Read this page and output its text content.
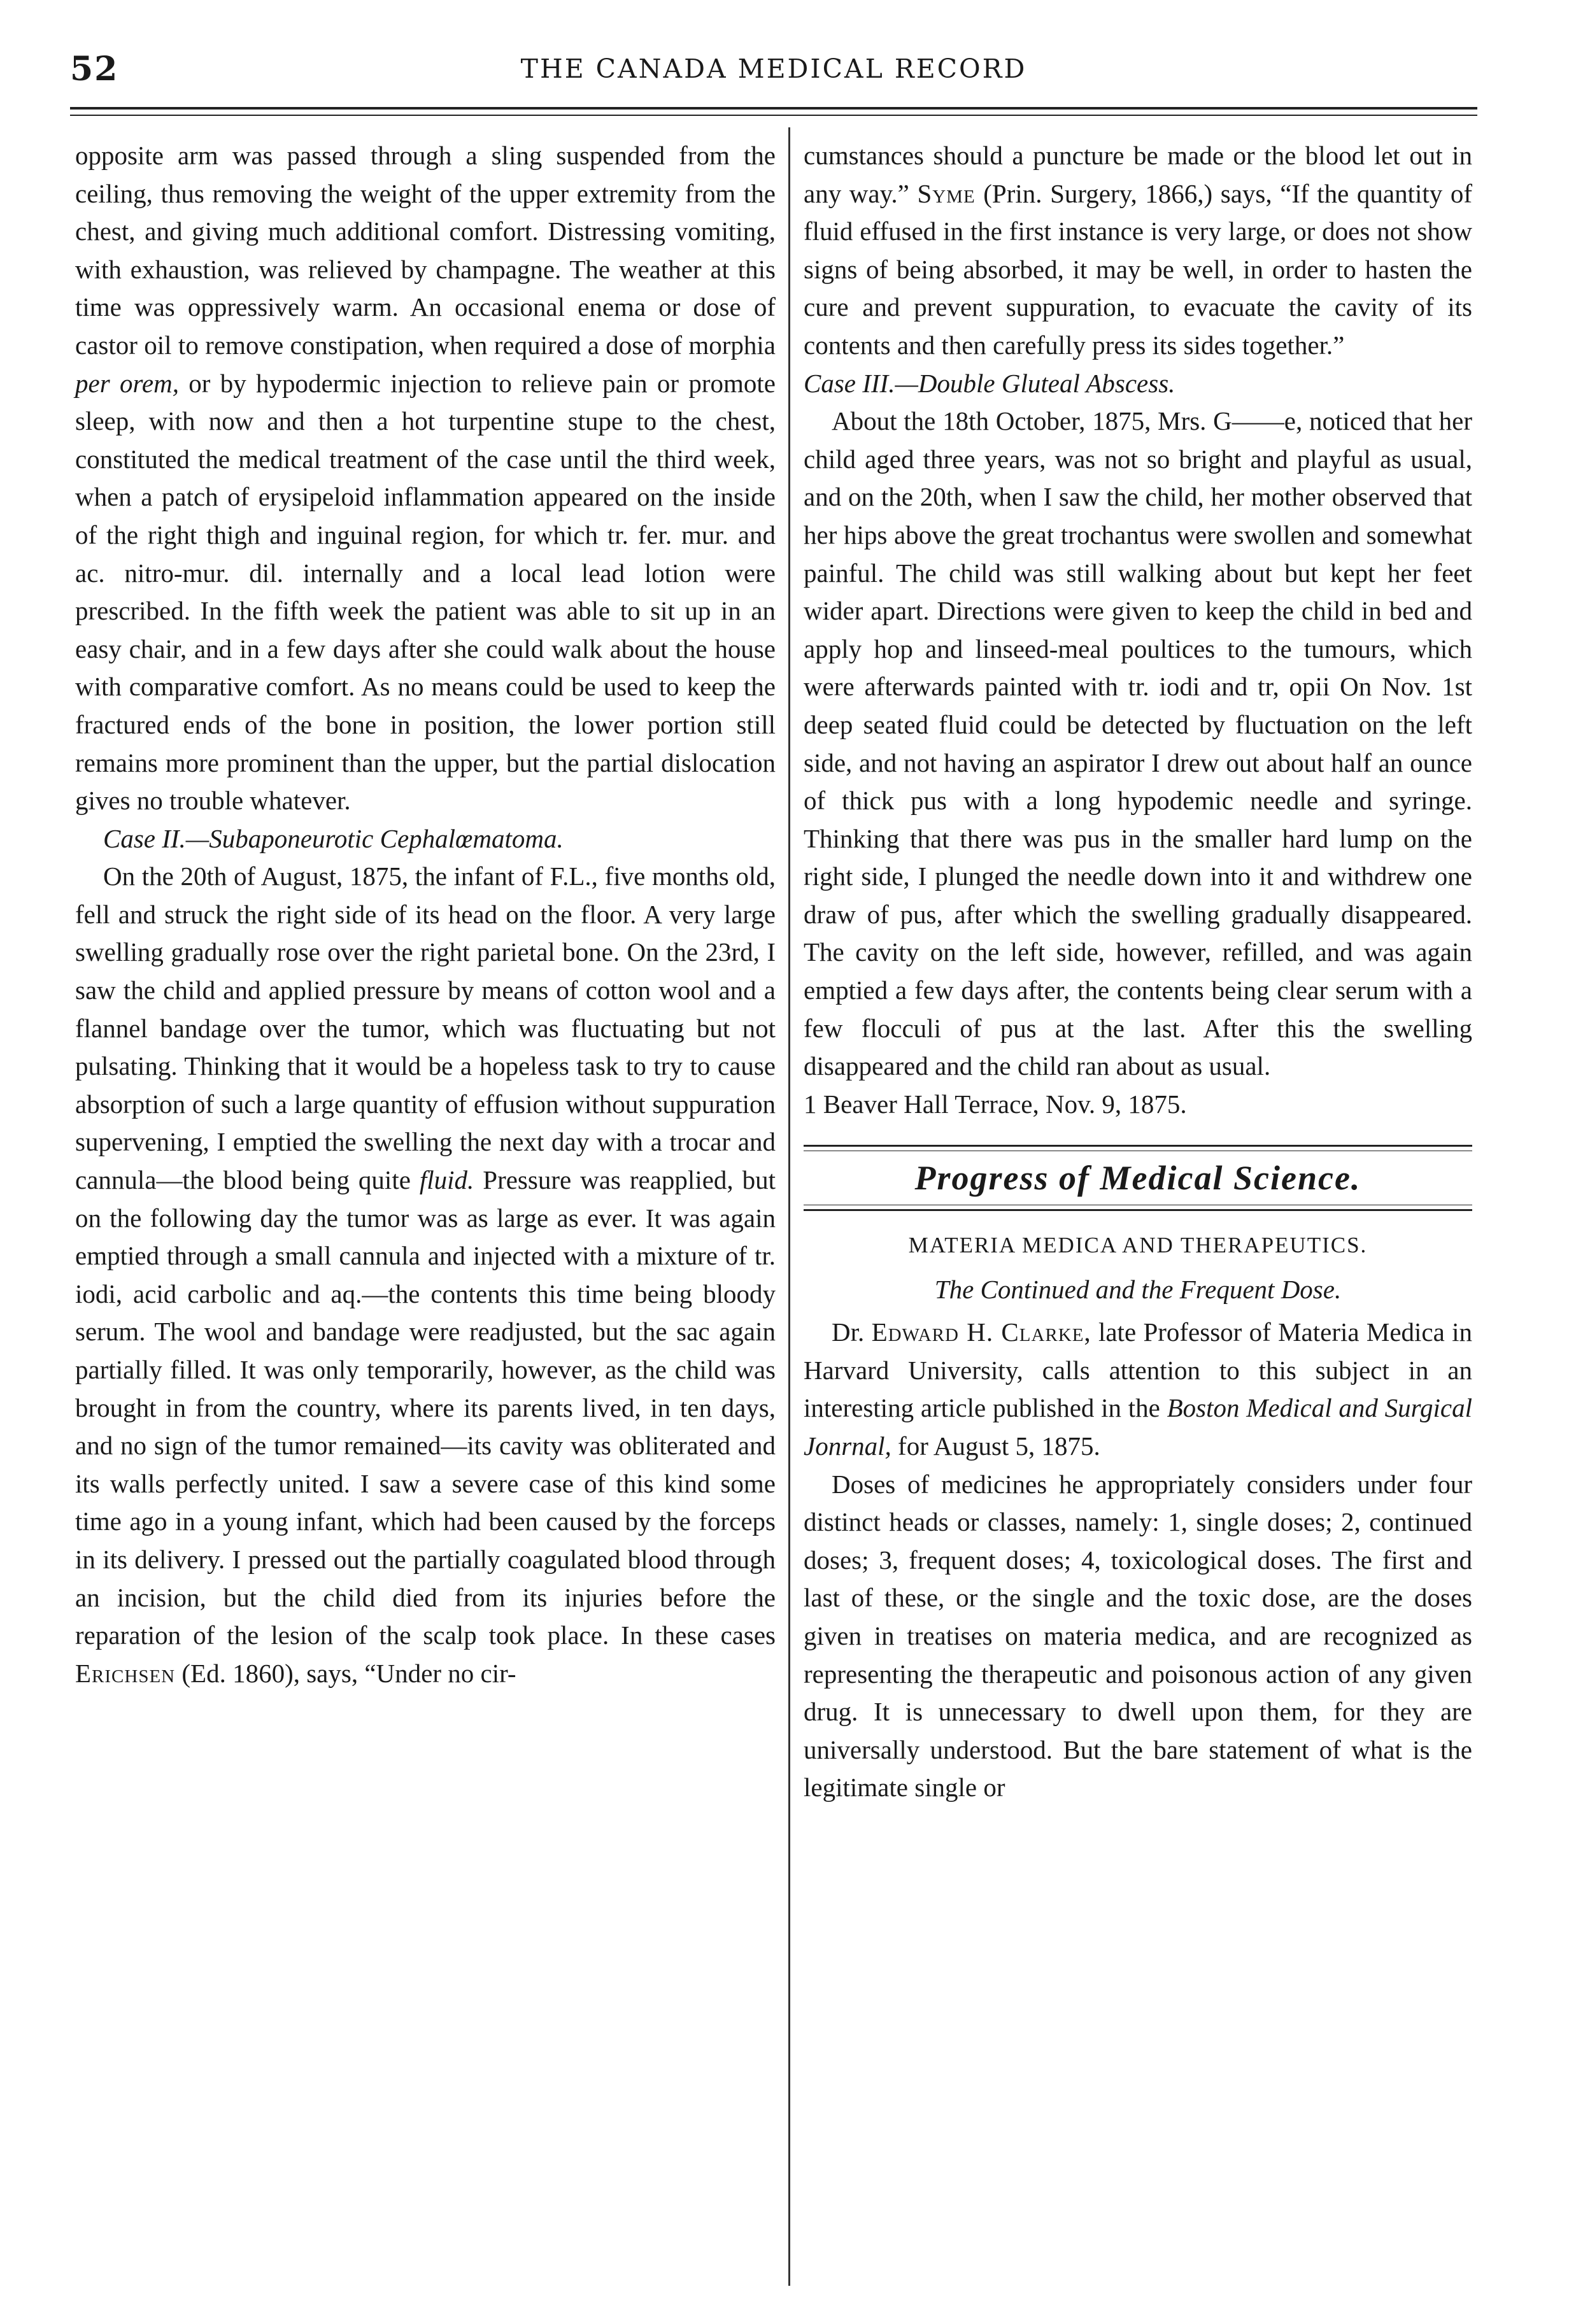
52	THE CANADA MEDICAL RECORD

opposite arm was passed through a sling suspended from the ceiling, thus removing the weight of the upper extremity from the chest, and giving much additional comfort. Distressing vomiting, with exhaustion, was relieved by champagne. The weather at this time was oppressively warm. An occasional enema or dose of castor oil to remove constipation, when required a dose of morphia per orem, or by hypodermic injection to relieve pain or promote sleep, with now and then a hot turpentine stupe to the chest, constituted the medical treatment of the case until the third week, when a patch of erysipeloid inflammation appeared on the inside of the right thigh and inguinal region, for which tr. fer. mur. and ac. nitro-mur. dil. internally and a local lead lotion were prescribed. In the fifth week the patient was able to sit up in an easy chair, and in a few days after she could walk about the house with comparative comfort. As no means could be used to keep the fractured ends of the bone in position, the lower portion still remains more prominent than the upper, but the partial dislocation gives no trouble whatever.

Case II.—Subaponeurotic Cephalœmatoma.

On the 20th of August, 1875, the infant of F.L., five months old, fell and struck the right side of its head on the floor. A very large swelling gradually rose over the right parietal bone. On the 23rd, I saw the child and applied pressure by means of cotton wool and a flannel bandage over the tumor, which was fluctuating but not pulsating. Thinking that it would be a hopeless task to try to cause absorption of such a large quantity of effusion without suppuration supervening, I emptied the swelling the next day with a trocar and cannula—the blood being quite fluid. Pressure was reapplied, but on the following day the tumor was as large as ever. It was again emptied through a small cannula and injected with a mixture of tr. iodi, acid carbolic and aq.—the contents this time being bloody serum. The wool and bandage were readjusted, but the sac again partially filled. It was only temporarily, however, as the child was brought in from the country, where its parents lived, in ten days, and no sign of the tumor remained—its cavity was obliterated and its walls perfectly united. I saw a severe case of this kind some time ago in a young infant, which had been caused by the forceps in its delivery. I pressed out the partially coagulated blood through an incision, but the child died from its injuries before the reparation of the lesion of the scalp took place. In these cases Erichsen (Ed. 1860), says, “Under no cir-

cumstances should a puncture be made or the blood let out in any way.” Syme (Prin. Surgery, 1866,) says, “If the quantity of fluid effused in the first instance is very large, or does not show signs of being absorbed, it may be well, in order to hasten the cure and prevent suppuration, to evacuate the cavity of its contents and then carefully press its sides together.”

Case III.—Double Gluteal Abscess.

About the 18th October, 1875, Mrs. G——e, noticed that her child aged three years, was not so bright and playful as usual, and on the 20th, when I saw the child, her mother observed that her hips above the great trochantus were swollen and somewhat painful. The child was still walking about but kept her feet wider apart. Directions were given to keep the child in bed and apply hop and linseed-meal poultices to the tumours, which were afterwards painted with tr. iodi and tr, opii On Nov. 1st deep seated fluid could be detected by fluctuation on the left side, and not having an aspirator I drew out about half an ounce of thick pus with a long hypodemic needle and syringe. Thinking that there was pus in the smaller hard lump on the right side, I plunged the needle down into it and withdrew one draw of pus, after which the swelling gradually disappeared. The cavity on the left side, however, refilled, and was again emptied a few days after, the contents being clear serum with a few flocculi of pus at the last. After this the swelling disappeared and the child ran about as usual.

1 Beaver Hall Terrace, Nov. 9, 1875.

Progress of Medical Science.
MATERIA MEDICA AND THERAPEUTICS.
The Continued and the Frequent Dose.

Dr. Edward H. Clarke, late Professor of Materia Medica in Harvard University, calls attention to this subject in an interesting article published in the Boston Medical and Surgical Jonrnal, for August 5, 1875.

Doses of medicines he appropriately considers under four distinct heads or classes, namely: 1, single doses; 2, continued doses; 3, frequent doses; 4, toxicological doses. The first and last of these, or the single and the toxic dose, are the doses given in treatises on materia medica, and are recognized as representing the therapeutic and poisonous action of any given drug. It is unnecessary to dwell upon them, for they are universally understood. But the bare statement of what is the legitimate single or
